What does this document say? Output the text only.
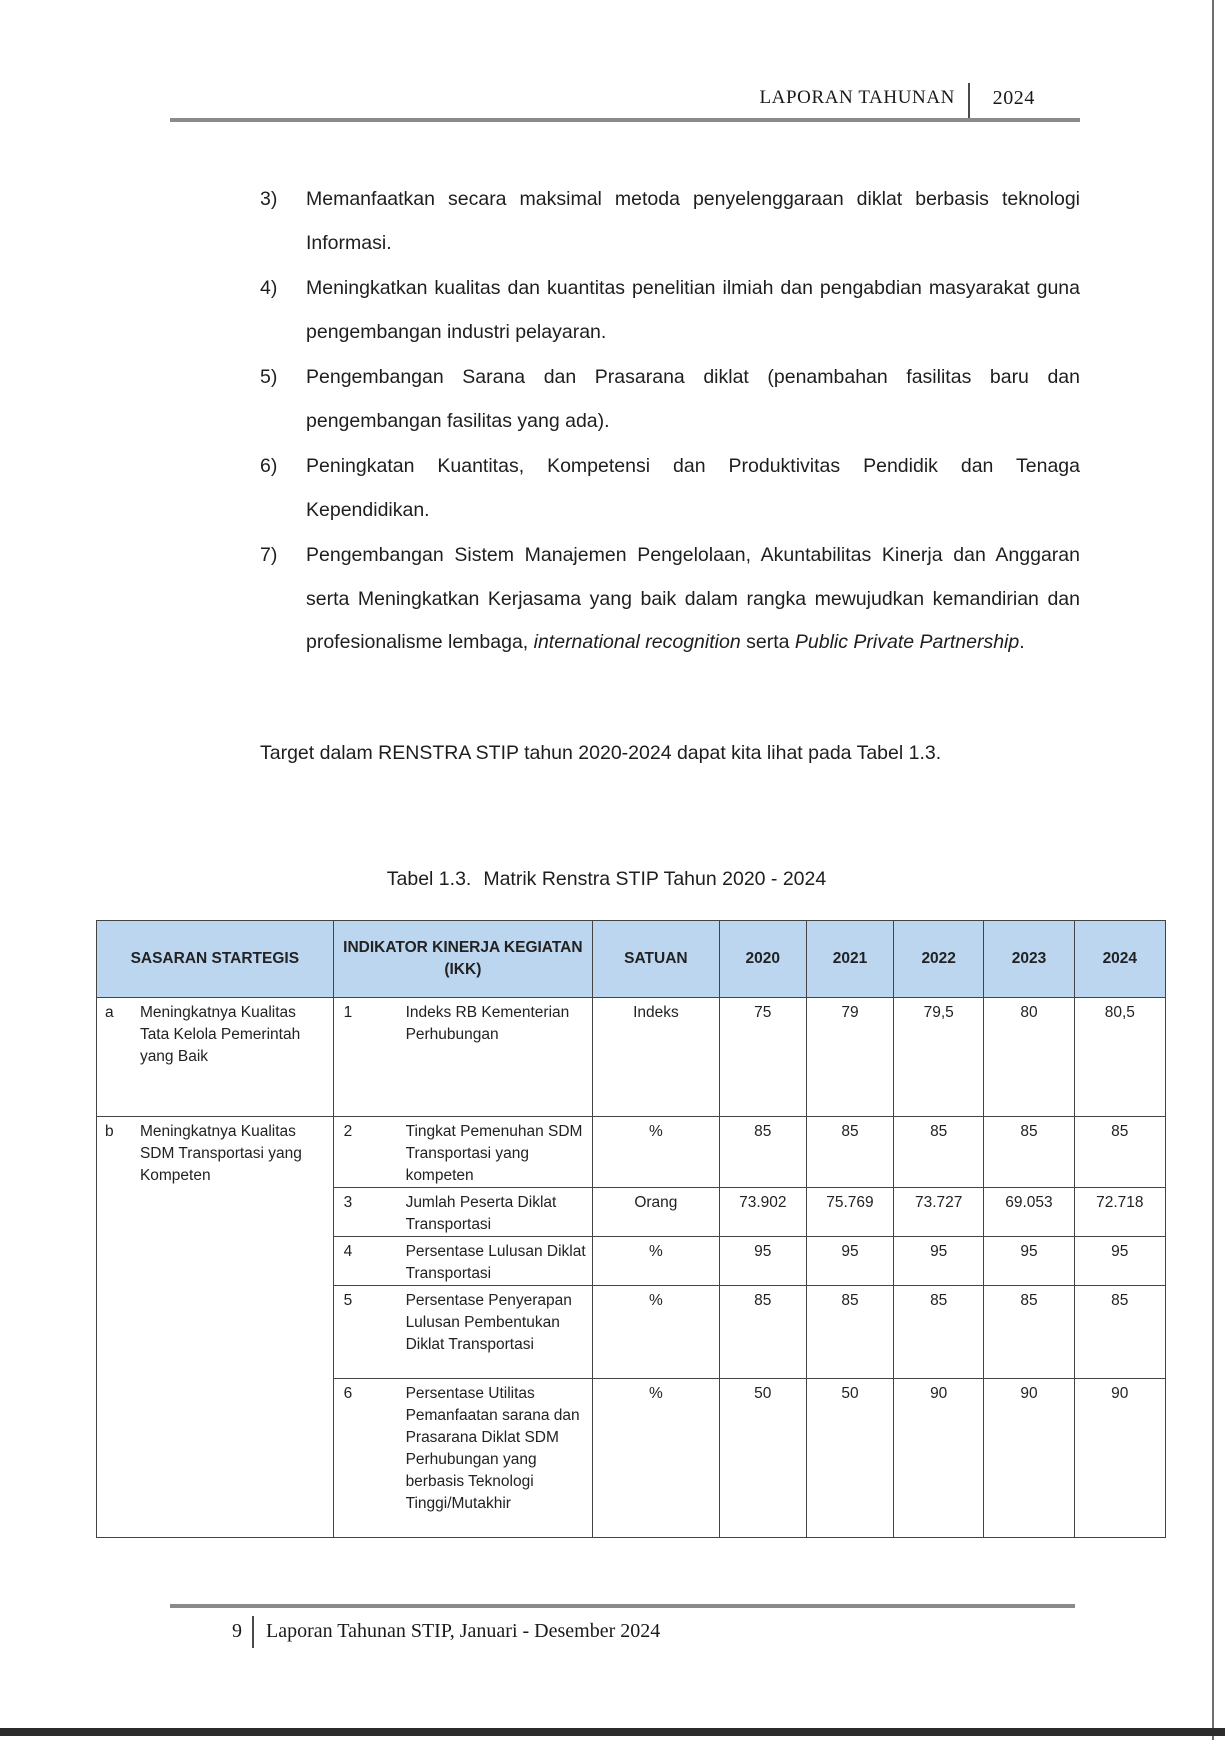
LAPORAN TAHUNAN 2024
3) Memanfaatkan secara maksimal metoda penyelenggaraan diklat berbasis teknologi Informasi.
4) Meningkatkan kualitas dan kuantitas penelitian ilmiah dan pengabdian masyarakat guna pengembangan industri pelayaran.
5) Pengembangan Sarana dan Prasarana diklat (penambahan fasilitas baru dan pengembangan fasilitas yang ada).
6) Peningkatan Kuantitas, Kompetensi dan Produktivitas Pendidik dan Tenaga Kependidikan.
7) Pengembangan Sistem Manajemen Pengelolaan, Akuntabilitas Kinerja dan Anggaran serta Meningkatkan Kerjasama yang baik dalam rangka mewujudkan kemandirian dan profesionalisme lembaga, international recognition serta Public Private Partnership.

Target dalam RENSTRA STIP tahun 2020-2024 dapat kita lihat pada Tabel 1.3.

Tabel 1.3. Matrik Renstra STIP Tahun 2020 - 2024

SASARAN STARTEGIS		INDIKATOR KINERJA KEGIATAN (IKK)		SATUAN	2020	2021	2022	2023	2024
a	Meningkatnya Kualitas Tata Kelola Pemerintah yang Baik	1	Indeks RB Kementerian Perhubungan	Indeks	75	79	79,5	80	80,5
b	Meningkatnya Kualitas SDM Transportasi yang Kompeten	2	Tingkat Pemenuhan SDM Transportasi yang kompeten	%	85	85	85	85	85
		3	Jumlah Peserta Diklat Transportasi	Orang	73.902	75.769	73.727	69.053	72.718
		4	Persentase Lulusan Diklat Transportasi	%	95	95	95	95	95
		5	Persentase Penyerapan Lulusan Pembentukan Diklat Transportasi	%	85	85	85	85	85
		6	Persentase Utilitas Pemanfaatan sarana dan Prasarana Diklat SDM Perhubungan yang berbasis Teknologi Tinggi/Mutakhir	%	50	50	90	90	90
9 Laporan Tahunan STIP, Januari - Desember 2024
